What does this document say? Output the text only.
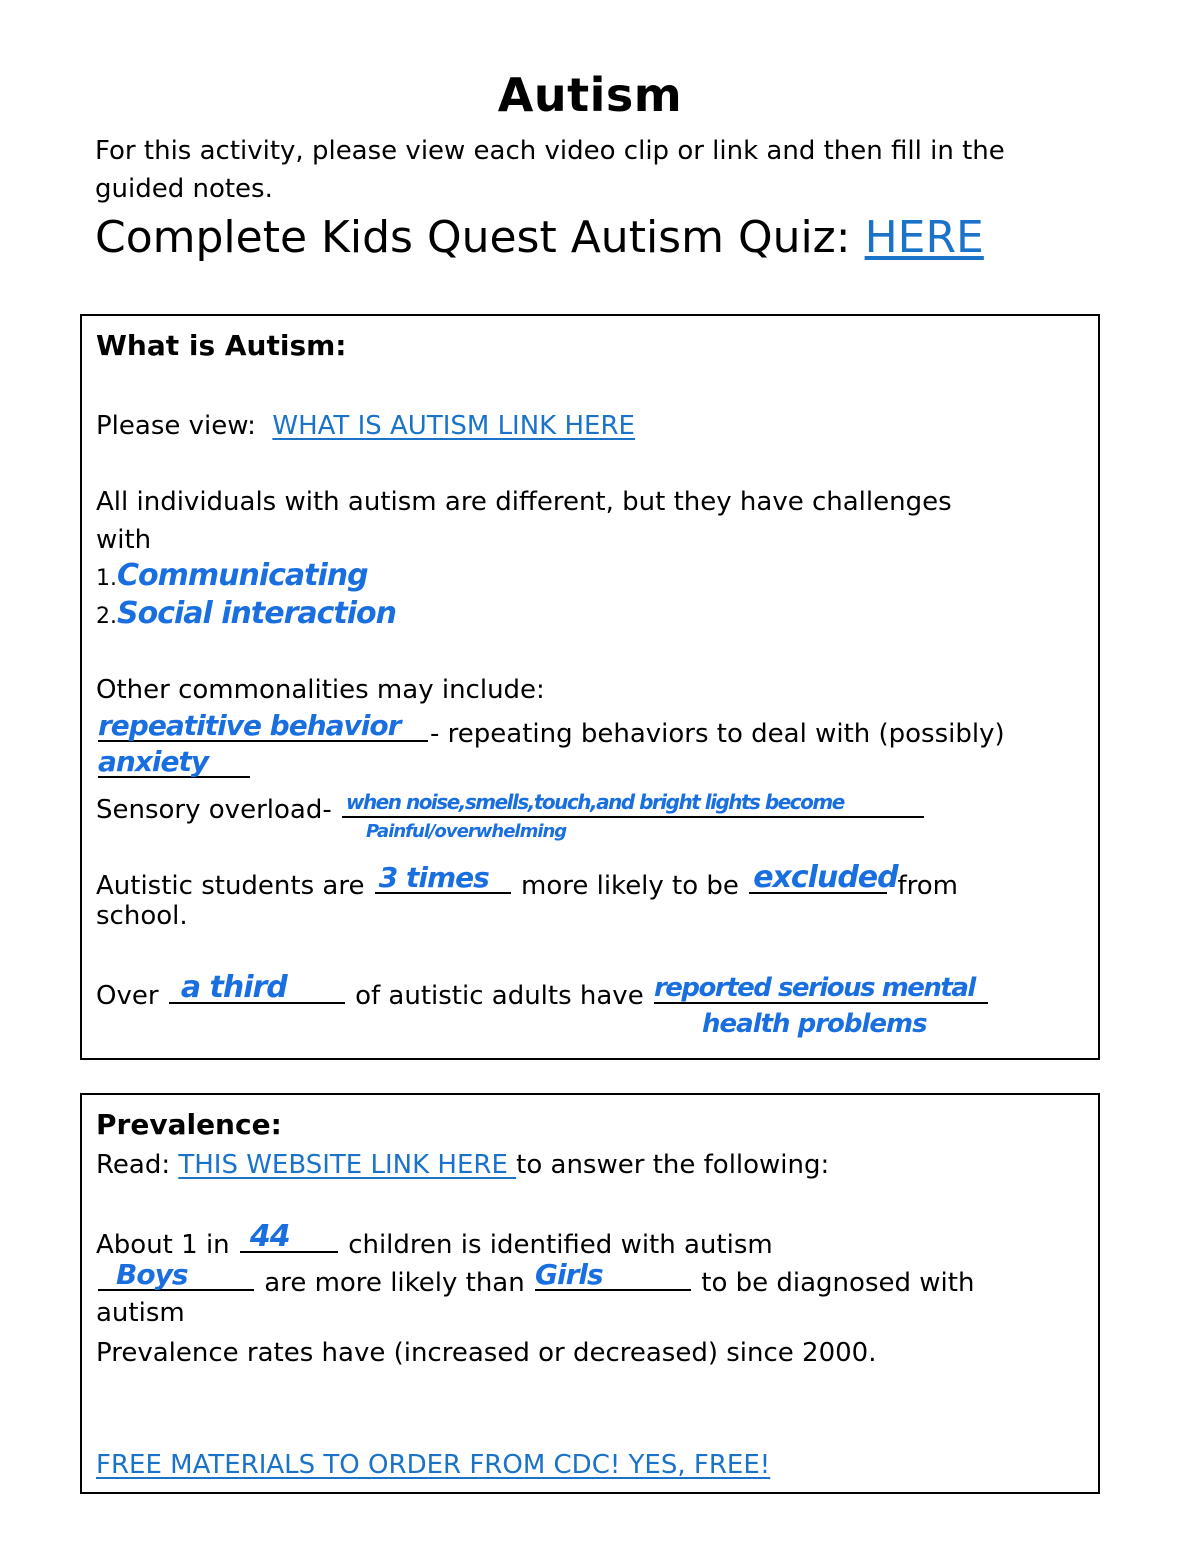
Autism
For this activity, please view each video clip or link and then fill in the guided notes.
Complete Kids Quest Autism Quiz: HERE
What is Autism:
Please view: WHAT IS AUTISM LINK HERE
All individuals with autism are different, but they have challenges
with
1.Communicating
2.Social interaction
Other commonalities may include:
repeatitive behavior - repeating behaviors to deal with (possibly)
anxiety
Sensory overload- when noise,smells,touch,and bright lights become
Painful/overwhelming
Autistic students are 3 times more likely to be excluded from
school.
Over a third	of autistic adults have reported serious mental
health problems
Prevalence:
Read: THIS WEBSITE LINK HERE to answer the following:
About 1 in 44 children is identified with autism
Boys	are more likely than Girls	to be diagnosed with
autism
Prevalence rates have (increased or decreased) since 2000.
FREE MATERIALS TO ORDER FROM CDC! YES, FREE!
